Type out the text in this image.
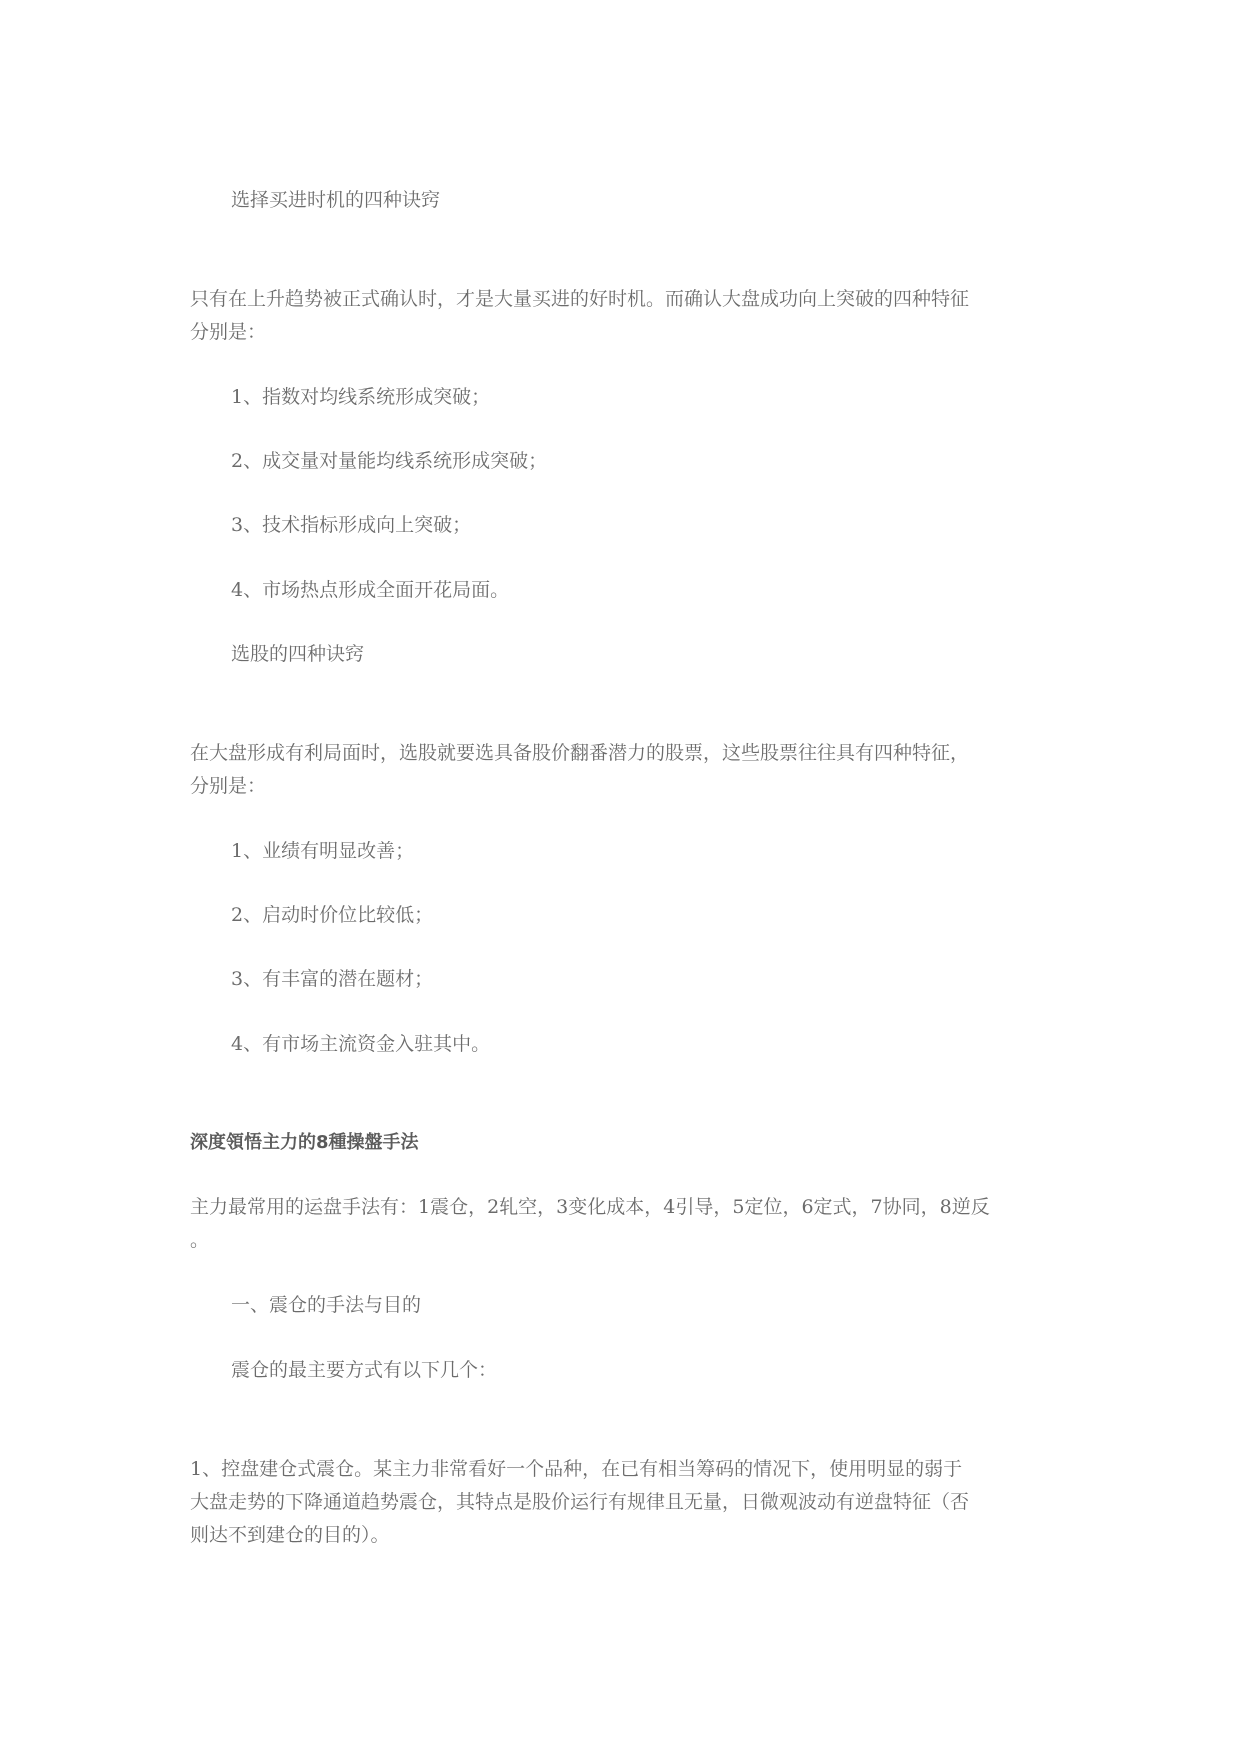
选择买进时机的四种诀窍

只有在上升趋势被正式确认时，才是大量买进的好时机。而确认大盘成功向上突破的四种特征

分别是：

1、指数对均线系统形成突破；

2、成交量对量能均线系统形成突破；

3、技术指标形成向上突破；

4、市场热点形成全面开花局面。

选股的四种诀窍

在大盘形成有利局面时，选股就要选具备股价翻番潜力的股票，这些股票往往具有四种特征，

分别是：

1、业绩有明显改善；

2、启动时价位比较低；

3、有丰富的潜在题材；

4、有市场主流资金入驻其中。

深度領悟主力的8種操盤手法

主力最常用的运盘手法有：1震仓，2轧空，3变化成本，4引导，5定位，6定式，7协同，8逆反

。

一、震仓的手法与目的

震仓的最主要方式有以下几个：

1、控盘建仓式震仓。某主力非常看好一个品种，在已有相当筹码的情况下，使用明显的弱于

大盘走势的下降通道趋势震仓，其特点是股价运行有规律且无量，日微观波动有逆盘特征（否

则达不到建仓的目的）。
